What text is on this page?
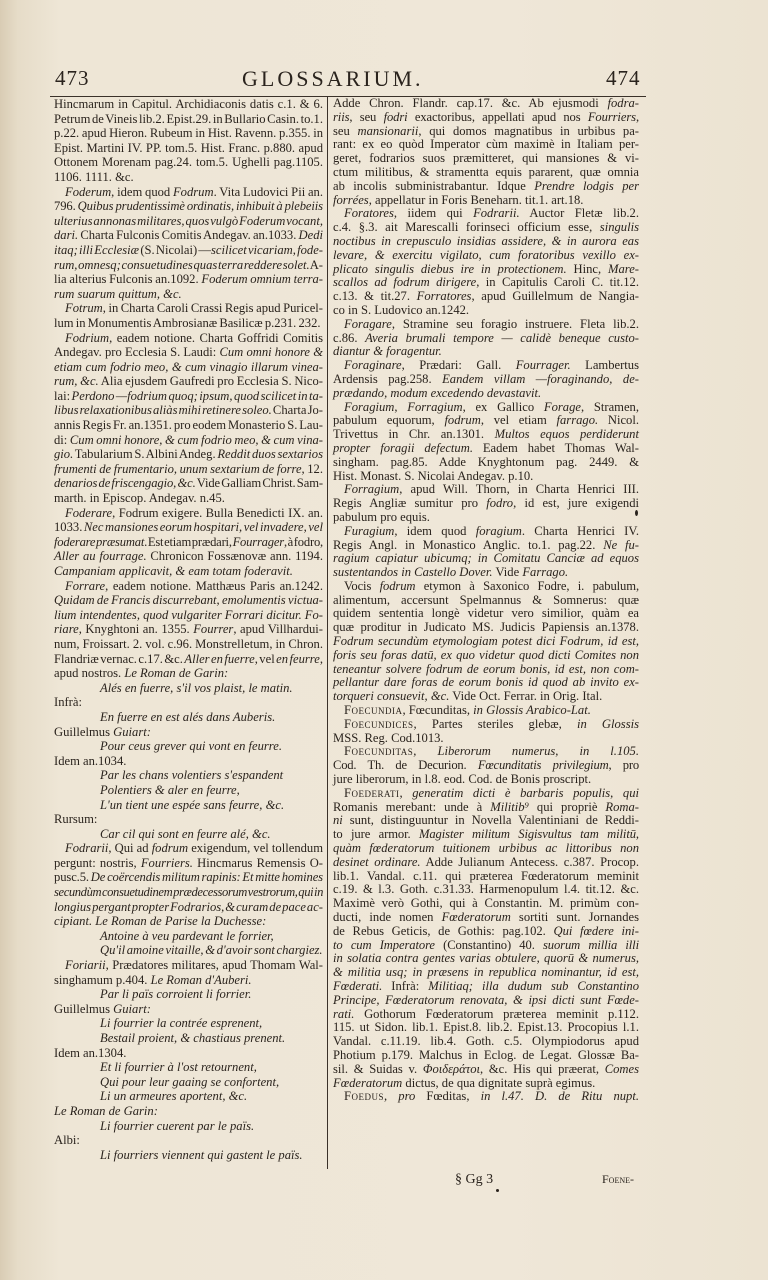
473	GLOSSARIUM.	474
Hincmarum in Capitul. Archidiaconis datis c.1. & 6.
Petrum de Vineis lib.2. Epist.29. in Bullario Casin. to.1.
p.22. apud Hieron. Rubeum in Hist. Ravenn. p.355. in
Epist. Martini IV. PP. tom.5. Hist. Franc. p.880. apud
Ottonem Morenam pag.24. tom.5. Ughelli pag.1105.
1106. 1111. &c.
Foderum, idem quod Fodrum. Vita Ludovici Pii an.
796. Quibus prudentissimè ordinatis, inhibuit à plebeiis
ulterius annonas militares, quos vulgò Foderum vocant,
dari. Charta Fulconis Comitis Andegav. an.1033. Dedi
itaq; illi Ecclesiæ (S. Nicolai) —scilicet vicariam, fode-
rum, omnesq; consuetudines quas terra reddere solet. A-
lia alterius Fulconis an.1092. Foderum omnium terra-
rum suarum quittum, &c.
Fotrum, in Charta Caroli Crassi Regis apud Puricel-
lum in Monumentis Ambrosianæ Basilicæ p.231. 232.
Fodrium, eadem notione. Charta Goffridi Comitis
Andegav. pro Ecclesia S. Laudi: Cum omni honore &
etiam cum fodrio meo, & cum vinagio illarum vinea-
rum, &c. Alia ejusdem Gaufredi pro Ecclesia S. Nico-
lai: Perdono —fodrium quoq; ipsum, quod scilicet in ta-
libus relaxationibus aliàs mihi retinere soleo. Charta Jo-
annis Regis Fr. an.1351. pro eodem Monasterio S. Lau-
di: Cum omni honore, & cum fodrio meo, & cum vina-
gio. Tabularium S. Albini Andeg. Reddit duos sextarios
frumenti de frumentario, unum sextarium de forre, 12.
denarios de friscengagio, &c. Vide Galliam Christ. Sam-
marth. in Episcop. Andegav. n.45.
Foderare, Fodrum exigere. Bulla Benedicti IX. an.
1033. Nec mansiones eorum hospitari, vel invadere, vel
foderare præsumat. Est etiam prædari, Fourrager, à fodro,
Aller au fourrage. Chronicon Fossænovæ ann. 1194.
Campaniam applicavit, & eam totam foderavit.
Forrare, eadem notione. Matthæus Paris an.1242.
Quidam de Francis discurrebant, emolumentis victua-
lium intendentes, quod vulgariter Forrari dicitur. Fo-
riare, Knyghtoni an. 1355. Fourrer, apud Villhardui-
num, Froissart. 2. vol. c.96. Monstrelletum, in Chron.
Flandriæ vernac. c.17. &c. Aller en fuerre, vel en feurre,
apud nostros. Le Roman de Garin:
Alés en fuerre, s'il vos plaist, le matin.
Infrà:
En fuerre en est alés dans Auberis.
Guillelmus Guiart:
Pour ceus grever qui vont en feurre.
Idem an.1034.
Par les chans volentiers s'espandent
Polentiers & aler en feurre,
L'un tient une espée sans feurre, &c.
Rursum:
Car cil qui sont en feurre alé, &c.
Fodrarii, Qui ad fodrum exigendum, vel tollendum
pergunt: nostris, Fourriers. Hincmarus Remensis O-
pusc.5. De coërcendis militum rapinis: Et mitte homines
secundùm consuetudinem prædecessorum vestrorum, qui in
longius pergant propter Fodrarios, & curam de pace ac-
cipiant. Le Roman de Parise la Duchesse:
Antoine à veu pardevant le forrier,
Qu'il amoine vitaille, & d'avoir sont chargiez.
Foriarii, Prædatores militares, apud Thomam Wal-
singhamum p.404. Le Roman d'Auberi.
Par li païs corroient li forrier.
Guillelmus Guiart:
Li fourrier la contrée esprenent,
Bestail proient, & chastiaus prenent.
Idem an.1304.
Et li fourrier à l'ost retournent,
Qui pour leur gaaing se confortent,
Li un armeures aportent, &c.
Le Roman de Garin:
Li fourrier cuerent par le païs.
Albi:
Li fourriers viennent qui gastent le païs.
Adde Chron. Flandr. cap.17. &c. Ab ejusmodi fodra-
riis, seu fodri exactoribus, appellati apud nos Fourriers,
seu mansionarii, qui domos magnatibus in urbibus pa-
rant: ex eo quòd Imperator cùm maximè in Italiam per-
geret, fodrarios suos præmitteret, qui mansiones & vi-
ctum militibus, & stramentta equis pararent, quæ omnia
ab incolis subministrabantur. Idque Prendre lodgis per
forrées, appellatur in Foris Beneharn. tit.1. art.18.
Foratores, iidem qui Fodrarii. Auctor Fletæ lib.2.
c.4. §.3. ait Marescalli forinseci officium esse, singulis
noctibus in crepusculo insidias assidere, & in aurora eas
levare, & exercitu vigilato, cum foratoribus vexillo ex-
plicato singulis diebus ire in protectionem. Hinc, Mare-
scallos ad fodrum dirigere, in Capitulis Caroli C. tit.12.
c.13. & tit.27. Forratores, apud Guillelmum de Nangia-
co in S. Ludovico an.1242.
Foragare, Stramine seu foragio instruere. Fleta lib.2.
c.86. Averia brumali tempore — calidè beneque custo-
diantur & foragentur.
Foraginare, Prædari: Gall. Fourrager. Lambertus
Ardensis pag.258. Eandem villam —foraginando, de-
prædando, modum excedendo devastavit.
Foragium, Forragium, ex Gallico Forage, Stramen,
pabulum equorum, fodrum, vel etiam farrago. Nicol.
Trivettus in Chr. an.1301. Multos equos perdiderunt
propter foragii defectum. Eadem habet Thomas Wal-
singham. pag.85. Adde Knyghtonum pag. 2449. &
Hist. Monast. S. Nicolai Andegav. p.10.
Forragium, apud Will. Thorn, in Charta Henrici III.
Regis Angliæ sumitur pro fodro, id est, jure exigendi
pabulum pro equis.
Furagium, idem quod foragium. Charta Henrici IV.
Regis Angl. in Monastico Anglic. to.1. pag.22. Ne fu-
ragium capiatur ubicumq; in Comitatu Canciæ ad equos
sustentandos in Castello Dover. Vide Farrago.
Vocis fodrum etymon à Saxonico Fodre, i. pabulum,
alimentum, accersunt Spelmannus & Somnerus: quæ
quidem sententia longè videtur vero similior, quàm ea
quæ proditur in Judicato MS. Judicis Papiensis an.1378.
Fodrum secundùm etymologiam potest dici Fodrum, id est,
foris seu foras datū, ex quo videtur quod dicti Comites non
teneantur solvere fodrum de eorum bonis, id est, non com-
pellantur dare foras de eorum bonis id quod ab invito ex-
torqueri consuevit, &c. Vide Oct. Ferrar. in Orig. Ital.
Foecundia, Fœcunditas, in Glossis Arabico-Lat.
Foecundices, Partes steriles glebæ, in Glossis
MSS. Reg. Cod.1013.
Foecunditas, Liberorum numerus, in l.105.
Cod. Th. de Decurion. Fœcunditatis privilegium, pro
jure liberorum, in l.8. eod. Cod. de Bonis proscript.
Foederati, generatim dicti è barbaris populis, qui
Romanis merebant: unde à Militib⁹ qui propriè Roma-
ni sunt, distinguuntur in Novella Valentiniani de Reddi-
to jure armor. Magister militum Sigisvultus tam militū,
quàm fœderatorum tuitionem urbibus ac littoribus non
desinet ordinare. Adde Julianum Antecess. c.387. Procop.
lib.1. Vandal. c.11. qui præterea Fœderatorum meminit
c.19. & l.3. Goth. c.31.33. Harmenopulum l.4. tit.12. &c.
Maximè verò Gothi, qui à Constantin. M. primùm con-
ducti, inde nomen Fœderatorum sortiti sunt. Jornandes
de Rebus Geticis, de Gothis: pag.102. Qui fœdere ini-
to cum Imperatore (Constantino) 40. suorum millia illi
in solatia contra gentes varias obtulere, quorū & numerus,
& militia usq; in præsens in republica nominantur, id est,
Fœderati. Infrà: Militiaq; illa dudum sub Constantino
Principe, Fœderatorum renovata, & ipsi dicti sunt Fœde-
rati. Gothorum Fœderatorum præterea meminit p.112.
115. ut Sidon. lib.1. Epist.8. lib.2. Epist.13. Procopius l.1.
Vandal. c.11.19. lib.4. Goth. c.5. Olympiodorus apud
Photium p.179. Malchus in Eclog. de Legat. Glossæ Ba-
sil. & Suidas v. Φοιδεράτοι, &c. His qui præerat, Comes
Fœderatorum dictus, de qua dignitate suprà egimus.
Foedus, pro Fœditas, in l.47. D. de Ritu nupt.
§ Gg 3	Foene-
